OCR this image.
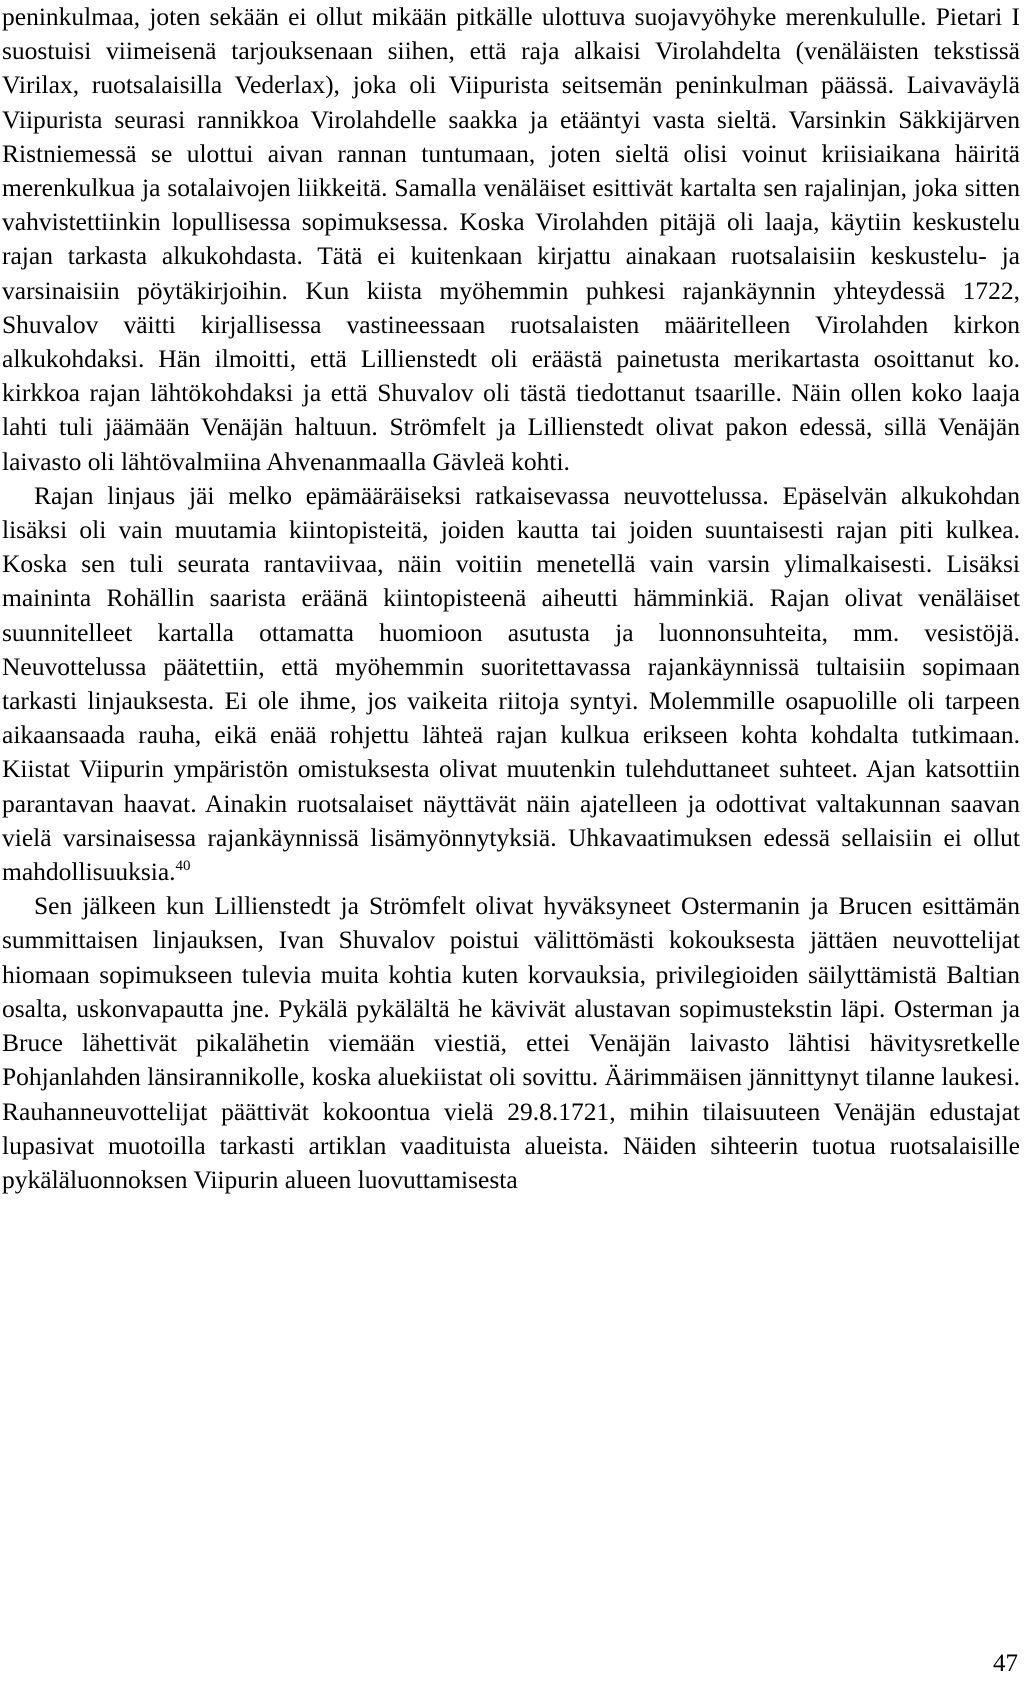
peninkulmaa, joten sekään ei ollut mikään pitkälle ulottuva suojavyöhyke merenkululle. Pietari I suostuisi viimeisenä tarjouksenaan siihen, että raja alkaisi Virolahdelta (venäläisten tekstissä Virilax, ruotsalaisilla Vederlax), joka oli Viipurista seitsemän peninkulman päässä. Laivaväylä Viipurista seurasi rannikkoa Virolahdelle saakka ja etääntyi vasta sieltä. Varsinkin Säkkijärven Ristniemessä se ulottui aivan rannan tuntumaan, joten sieltä olisi voinut kriisiaikana häiritä merenkulkua ja sotalaivojen liikkeitä. Samalla venäläiset esittivät kartalta sen rajalinjan, joka sitten vahvistettiinkin lopullisessa sopimuksessa. Koska Virolahden pitäjä oli laaja, käytiin keskustelu rajan tarkasta alkukohdasta. Tätä ei kuitenkaan kirjattu ainakaan ruotsalaisiin keskustelu- ja varsinaisiin pöytäkirjoihin. Kun kiista myöhemmin puhkesi rajankäynnin yhteydessä 1722, Shuvalov väitti kirjallisessa vastineessaan ruotsalaisten määritelleen Virolahden kirkon alkukohdaksi. Hän ilmoitti, että Lillienstedt oli eräästä painetusta merikartasta osoittanut ko. kirkkoa rajan lähtökohdaksi ja että Shuvalov oli tästä tiedottanut tsaarille. Näin ollen koko laaja lahti tuli jäämään Venäjän haltuun. Strömfelt ja Lillienstedt olivat pakon edessä, sillä Venäjän laivasto oli lähtövalmiina Ahvenanmaalla Gävleä kohti.

Rajan linjaus jäi melko epämääräiseksi ratkaisevassa neuvottelussa. Epäselvän alkukohdan lisäksi oli vain muutamia kiintopisteitä, joiden kautta tai joiden suuntaisesti rajan piti kulkea. Koska sen tuli seurata rantaviivaa, näin voitiin menetellä vain varsin ylimalkaisesti. Lisäksi maininta Rohällin saarista eräänä kiintopisteenä aiheutti hämminkiä. Rajan olivat venäläiset suunnitelleet kartalla ottamatta huomioon asutusta ja luonnonsuhteita, mm. vesistöjä. Neuvottelussa päätettiin, että myöhemmin suoritettavassa rajankäynnissä tultaisiin sopimaan tarkasti linjauksesta. Ei ole ihme, jos vaikeita riitoja syntyi. Molemmille osapuolille oli tarpeen aikaansaada rauha, eikä enää rohjettu lähteä rajan kulkua erikseen kohta kohdalta tutkimaan. Kiistat Viipurin ympäristön omistuksesta olivat muutenkin tulehduttaneet suhteet. Ajan katsottiin parantavan haavat. Ainakin ruotsalaiset näyttävät näin ajatelleen ja odottivat valtakunnan saavan vielä varsinaisessa rajankäynnissä lisämyönnytyksiä. Uhkavaatimuksen edessä sellaisiin ei ollut mahdollisuuksia.$^{40}$

Sen jälkeen kun Lillienstedt ja Strömfelt olivat hyväksyneet Ostermanin ja Brucen esittämän summittaisen linjauksen, Ivan Shuvalov poistui välittömästi kokouksesta jättäen neuvottelijat hiomaan sopimukseen tulevia muita kohtia kuten korvauksia, privilegioiden säilyttämistä Baltian osalta, uskonvapautta jne. Pykälä pykälältä he kävivät alustavan sopimustekstin läpi. Osterman ja Bruce lähettivät pikalähetin viemään viestiä, ettei Venäjän laivasto lähtisi hävitysretkelle Pohjanlahden länsirannikolle, koska aluekiistat oli sovittu. Äärimmäisen jännittynyt tilanne laukesi. Rauhanneuvottelijat päättivät kokoontua vielä 29.8.1721, mihin tilaisuuteen Venäjän edustajat lupasivat muotoilla tarkasti artiklan vaadituista alueista. Näiden sihteerin tuotua ruotsalaisille pykäläluonnoksen Viipurin alueen luovuttamisesta

47
